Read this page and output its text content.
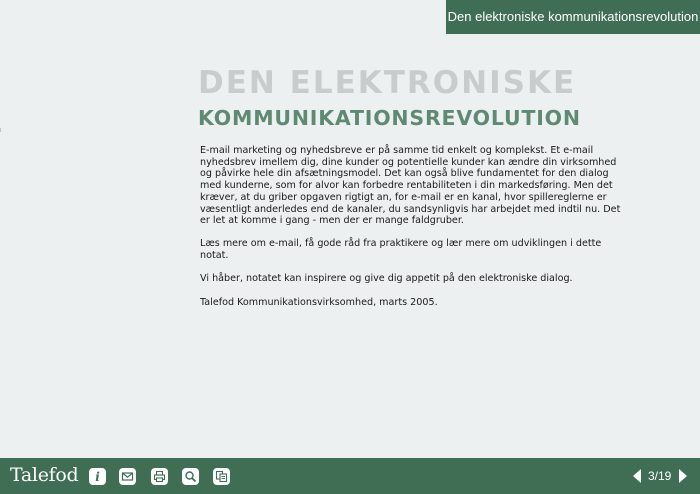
Den elektroniske kommunikationsrevolution
DEN ELEKTRONISKE
KOMMUNIKATIONSREVOLUTION

E-mail marketing og nyhedsbreve er på samme tid enkelt og komplekst. Et e-mail nyhedsbrev imellem dig, dine kunder og potentielle kunder kan ændre din virksomhed og påvirke hele din afsætningsmodel. Det kan også blive fundamentet for den dialog med kunderne, som for alvor kan forbedre rentabiliteten i din markedsføring. Men det kræver, at du griber opgaven rigtigt an, for e-mail er en kanal, hvor spillereglerne er væsentligt anderledes end de kanaler, du sandsynligvis har arbejdet med indtil nu. Det er let at komme i gang - men der er mange faldgruber.

Læs mere om e-mail, få gode råd fra praktikere og lær mere om udviklingen i dette notat.

Vi håber, notatet kan inspirere og give dig appetit på den elektroniske dialog.

Talefod Kommunikationsvirksomhed, marts 2005.

Talefod i	3/19
